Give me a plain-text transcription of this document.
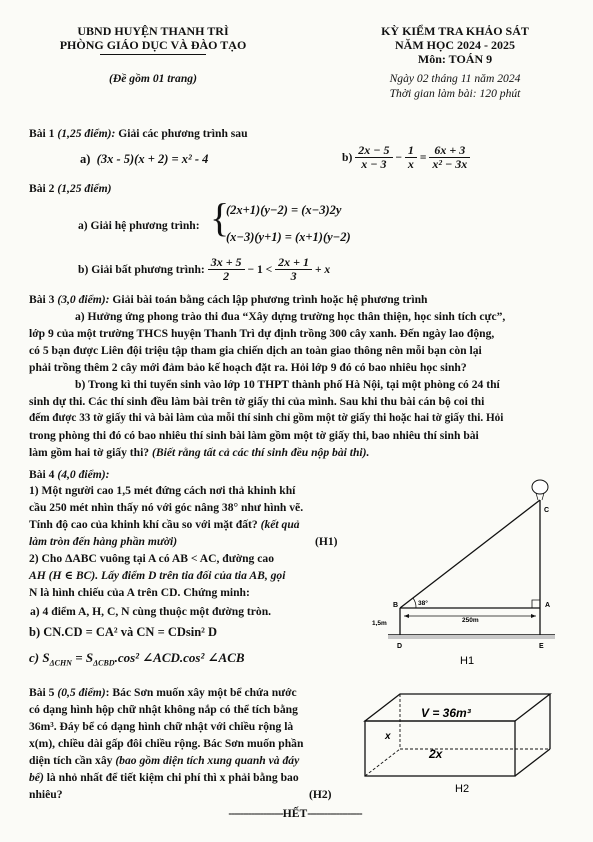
UBND HUYỆN THANH TRÌ
PHÒNG GIÁO DỤC VÀ ĐÀO TẠO
(Đề gồm 01 trang)
KỲ KIỂM TRA KHẢO SÁT
NĂM HỌC 2024 - 2025
Môn: TOÁN 9
Ngày 02 tháng 11 năm 2024
Thời gian làm bài: 120 phút
Bài 1 (1,25 điểm): Giải các phương trình sau
a) (3x - 5)(x + 2) = x² - 4	$b) \frac{2x - 5}{x - 3} - \frac{1}{x} = \frac{6x + 3}{\text{x² − 3x}}$
Bài 2 (1,25 điểm)
a) Giải hệ phương trình: {
(2x+1)(y−2) = (x−3)2y
(x−3)(y+1) = (x+1)(y−2)
b) Giải bất phương trình: $\frac{3x + 5}{2} - 1 < \frac{2x + 1}{3} + x$
Bài 3 (3,0 điểm): Giải bài toán bằng cách lập phương trình hoặc hệ phương trình
a) Hưởng ứng phong trào thi đua “Xây dựng trường học thân thiện, học sinh tích cực”,
lớp 9 của một trường THCS huyện Thanh Trì dự định trồng 300 cây xanh. Đến ngày lao động,
có 5 bạn được Liên đội triệu tập tham gia chiến dịch an toàn giao thông nên mỗi bạn còn lại
phải trồng thêm 2 cây mới đảm bảo kế hoạch đặt ra. Hỏi lớp 9 đó có bao nhiêu học sinh?
b) Trong kì thi tuyển sinh vào lớp 10 THPT thành phố Hà Nội, tại một phòng có 24 thí
sinh dự thi. Các thí sinh đều làm bài trên tờ giấy thi của mình. Sau khi thu bài cán bộ coi thi
đếm được 33 tờ giấy thi và bài làm của mỗi thí sinh chỉ gồm một tờ giấy thi hoặc hai tờ giấy thi. Hỏi
trong phòng thi đó có bao nhiêu thí sinh bài làm gồm một tờ giấy thi, bao nhiêu thí sinh bài
làm gồm hai tờ giấy thi? (Biết rằng tất cả các thí sinh đều nộp bài thi).
Bài 4 (4,0 điểm):
1) Một người cao 1,5 mét đứng cách nơi thả khinh khí
cầu 250 mét nhìn thấy nó với góc nâng 38° như hình vẽ.
Tính độ cao của khinh khí cầu so với mặt đất? (kết quả
làm tròn đến hàng phần mười)	(H1)
2) Cho ΔABC vuông tại A có AB < AC, đường cao
AH (H ∈ BC). Lấy điểm D trên tia đối của tia AB, gọi
N là hình chiếu của A trên CD. Chứng minh:
a) 4 điểm A, H, C, N cùng thuộc một đường tròn.
b) CN.CD = CA² và CN = CDsin² D
c) $S_{\Delta CHN} = S_{\Delta CBD}.\cos^2$ ∠ACD.cos² ∠ACB
C
B	A
D	E
38°
250m
1,5m
H1
Bài 5 (0,5 điểm): Bác Sơn muốn xây một bể chứa nước
có dạng hình hộp chữ nhật không nắp có thể tích bằng
36m³. Đáy bể có dạng hình chữ nhật với chiều rộng là
x(m), chiều dài gấp đôi chiều rộng. Bác Sơn muốn phần
diện tích cần xây (bao gồm diện tích xung quanh và đáy
bể) là nhỏ nhất để tiết kiệm chi phí thì x phải bằng bao
nhiêu?	(H2)
V = 36m³
2x
x
H2
-------------------HẾT-------------------
